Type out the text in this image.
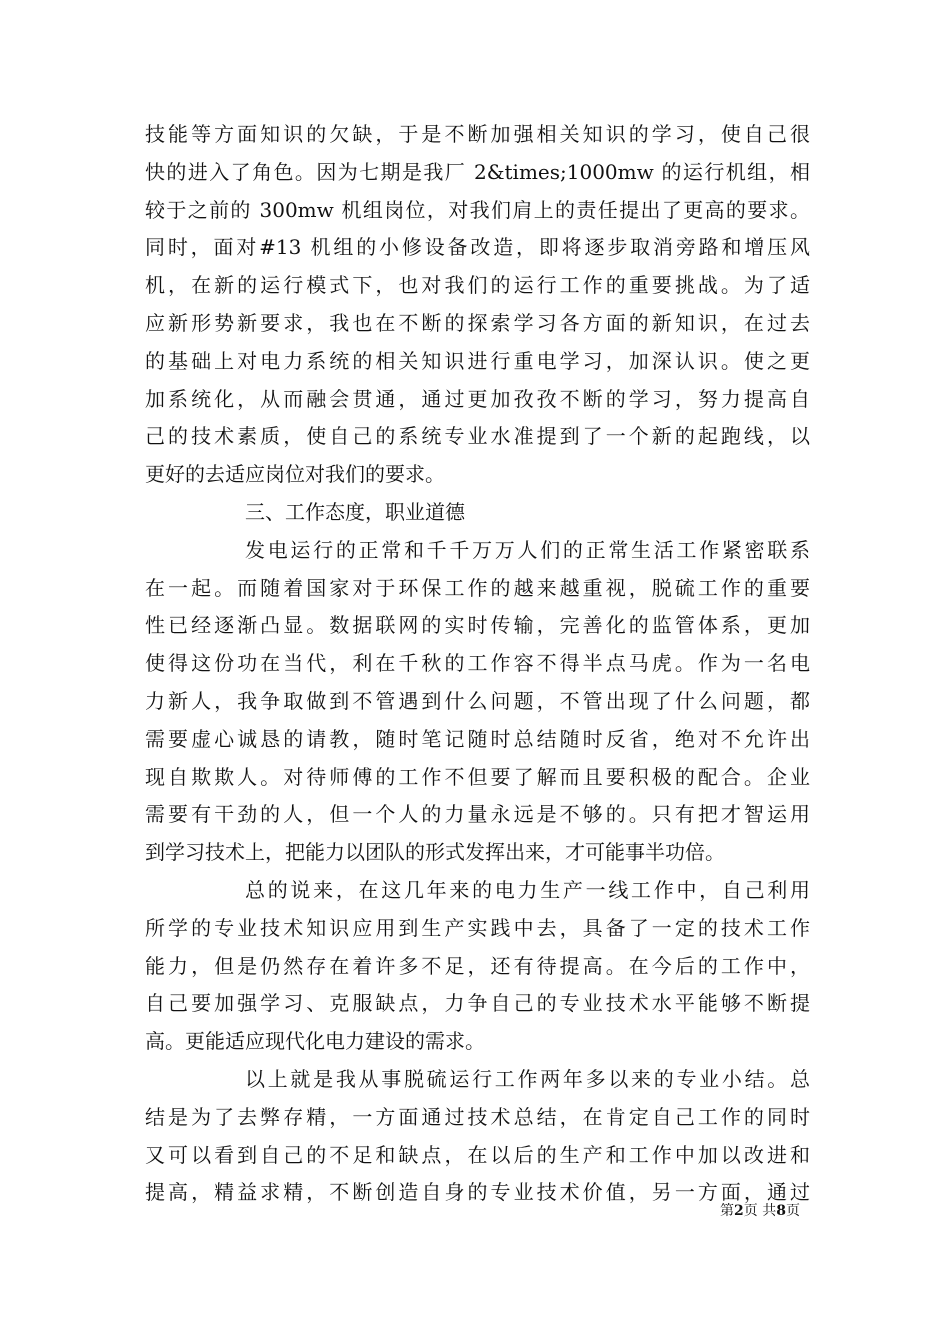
技能等方面知识的欠缺，于是不断加强相关知识的学习，使自己很
快的进入了角色。因为七期是我厂 2&times;1000mw 的运行机组，相
较于之前的 300mw 机组岗位，对我们肩上的责任提出了更高的要求。
同时，面对#13 机组的小修设备改造，即将逐步取消旁路和增压风
机，在新的运行模式下，也对我们的运行工作的重要挑战。为了适
应新形势新要求，我也在不断的探索学习各方面的新知识，在过去
的基础上对电力系统的相关知识进行重电学习，加深认识。使之更
加系统化，从而融会贯通，通过更加孜孜不断的学习，努力提高自
己的技术素质，使自己的系统专业水准提到了一个新的起跑线，以
更好的去适应岗位对我们的要求。
三、工作态度，职业道德
发电运行的正常和千千万万人们的正常生活工作紧密联系
在一起。而随着国家对于环保工作的越来越重视，脱硫工作的重要
性已经逐渐凸显。数据联网的实时传输，完善化的监管体系，更加
使得这份功在当代，利在千秋的工作容不得半点马虎。作为一名电
力新人，我争取做到不管遇到什么问题，不管出现了什么问题，都
需要虚心诚恳的请教，随时笔记随时总结随时反省，绝对不允许出
现自欺欺人。对待师傅的工作不但要了解而且要积极的配合。企业
需要有干劲的人，但一个人的力量永远是不够的。只有把才智运用
到学习技术上，把能力以团队的形式发挥出来，才可能事半功倍。
总的说来，在这几年来的电力生产一线工作中，自己利用
所学的专业技术知识应用到生产实践中去，具备了一定的技术工作
能力，但是仍然存在着许多不足，还有待提高。在今后的工作中，
自己要加强学习、克服缺点，力争自己的专业技术水平能够不断提
高。更能适应现代化电力建设的需求。
以上就是我从事脱硫运行工作两年多以来的专业小结。总
结是为了去弊存精，一方面通过技术总结，在肯定自己工作的同时
又可以看到自己的不足和缺点，在以后的生产和工作中加以改进和
提高，精益求精，不断创造自身的专业技术价值，另一方面，通过
第2页 共8页
